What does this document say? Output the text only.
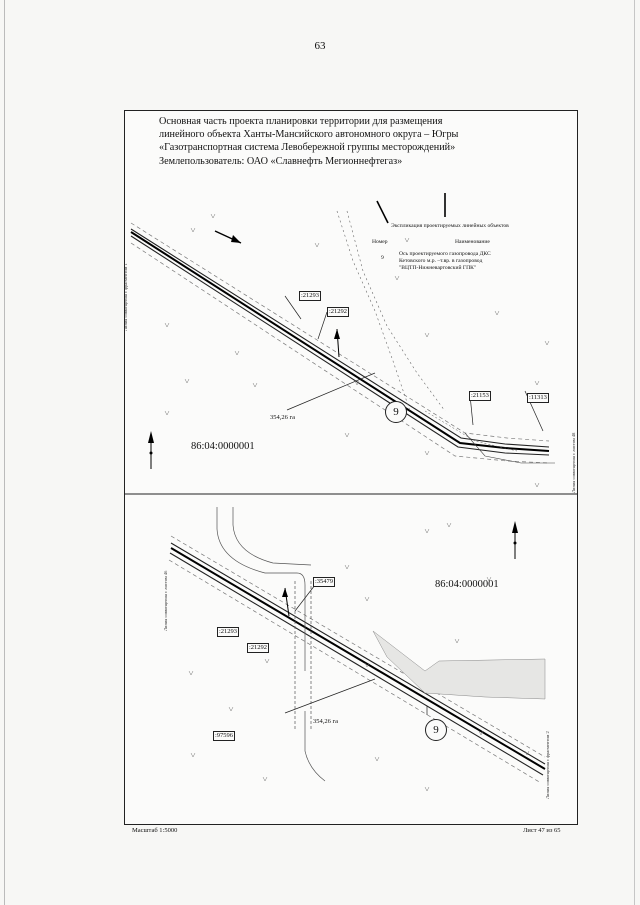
63
Основная часть проекта планировки территории для размещения
линейного объекта Ханты-Мансийского автономного округа – Югры
«Газотранспортная система Левобережной группы месторождений»
Землепользователь: ОАО «Славнефть Мегионнефтегаз»
Экспликация проектируемых линейных объектов
Номер	Наименование
9
Ось проектируемого газопровода ДКС
Кетовского м.р. –т.вр. в газопровод
"ВЦТП-Нижневартовский ГПК"
Линия совмещения с фрагментом 1
Линия совмещения с листом 48
:21293
:21292
:21153	:11313
354,26 га	9
86:04:0000001
Линия совмещения с листом 46
Линия совмещения с фрагментом 2
:35479
:21293
:21292
:97596
354,26 га
9
86:04:0000001
Масштаб 1:5000	Лист 47 из 65
